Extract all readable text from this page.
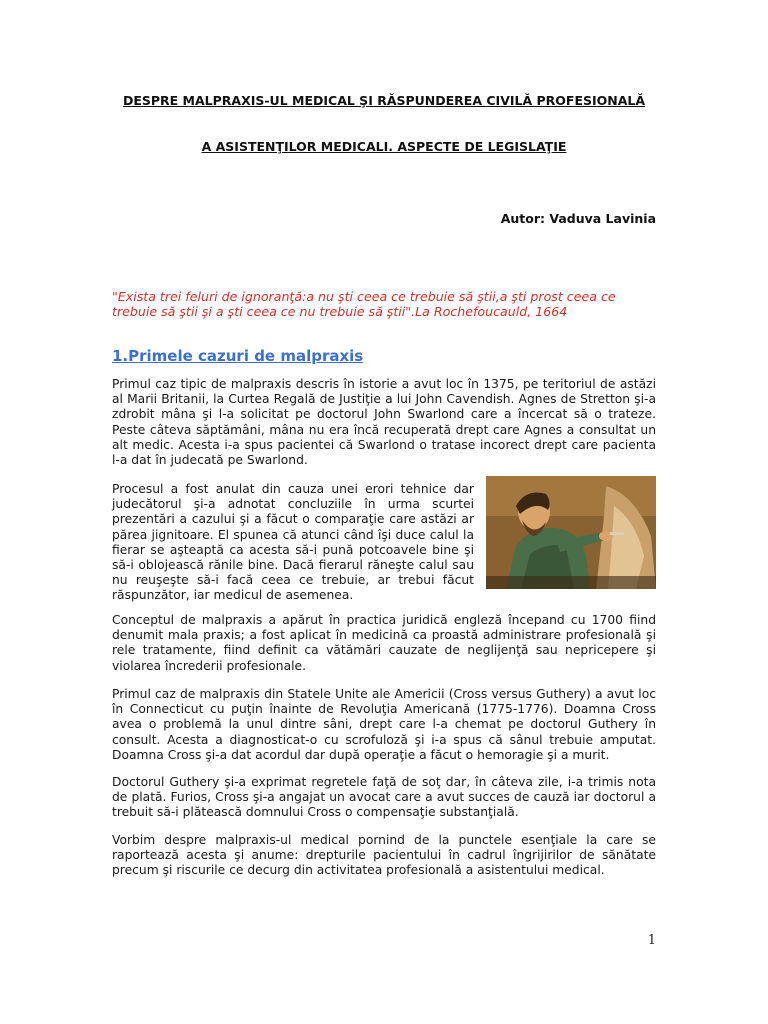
DESPRE MALPRAXIS-UL MEDICAL ŞI RĂSPUNDEREA CIVILĂ PROFESIONALĂ
A ASISTENŢILOR MEDICALI. ASPECTE DE LEGISLAŢIE
Autor: Vaduva Lavinia
"Exista trei feluri de ignoranţă:a nu şti ceea ce trebuie să ştii,a şti prost ceea ce trebuie să ştii şi a şti ceea ce nu trebuie să ştii".La Rochefoucauld, 1664
1.Primele cazuri de malpraxis
Primul caz tipic de malpraxis descris în istorie a avut loc în 1375, pe teritoriul de astăzi al Marii Britanii, la Curtea Regală de Justiţie a lui John Cavendish. Agnes de Stretton şi-a zdrobit mâna şi l-a solicitat pe doctorul John Swarlond care a încercat să o trateze. Peste câteva săptămâni, mâna nu era încă recuperată drept care Agnes a consultat un alt medic. Acesta i-a spus pacientei că Swarlond o tratase incorect drept care pacienta l-a dat în judecată pe Swarlond.
Procesul a fost anulat din cauza unei erori tehnice dar judecătorul şi-a adnotat concluziile în urma scurtei prezentări a cazului şi a făcut o comparaţie care astăzi ar părea jignitoare. El spunea că atunci când îşi duce calul la fierar se aşteaptă ca acesta să-i pună potcoavele bine şi să-i oblojească rănile bine. Dacă fierarul răneşte calul sau nu reuşeşte să-i facă ceea ce trebuie, ar trebui făcut răspunzător, iar medicul de asemenea.
Conceptul de malpraxis a apărut în practica juridică engleză începand cu 1700 fiind denumit mala praxis; a fost aplicat în medicină ca proastă administrare profesională şi rele tratamente, fiind definit ca vătămări cauzate de neglijenţă sau nepricepere şi violarea încrederii profesionale.
Primul caz de malpraxis din Statele Unite ale Americii (Cross versus Guthery) a avut loc în Connecticut cu puţin înainte de Revoluţia Americană (1775-1776). Doamna Cross avea o problemă la unul dintre sâni, drept care l-a chemat pe doctorul Guthery în consult. Acesta a diagnosticat-o cu scrofuloză şi i-a spus că sânul trebuie amputat. Doamna Cross şi-a dat acordul dar după operaţie a făcut o hemoragie şi a murit.
Doctorul Guthery şi-a exprimat regretele faţă de soţ dar, în câteva zile, i-a trimis nota de plată. Furios, Cross şi-a angajat un avocat care a avut succes de cauză iar doctorul a trebuit să-i plătească domnului Cross o compensaţie substanţială.
Vorbim despre malpraxis-ul medical pornind de la punctele esenţiale la care se raportează acesta şi anume: drepturile pacientului în cadrul îngrijirilor de sănătate precum şi riscurile ce decurg din activitatea profesională a asistentului medical.
1
